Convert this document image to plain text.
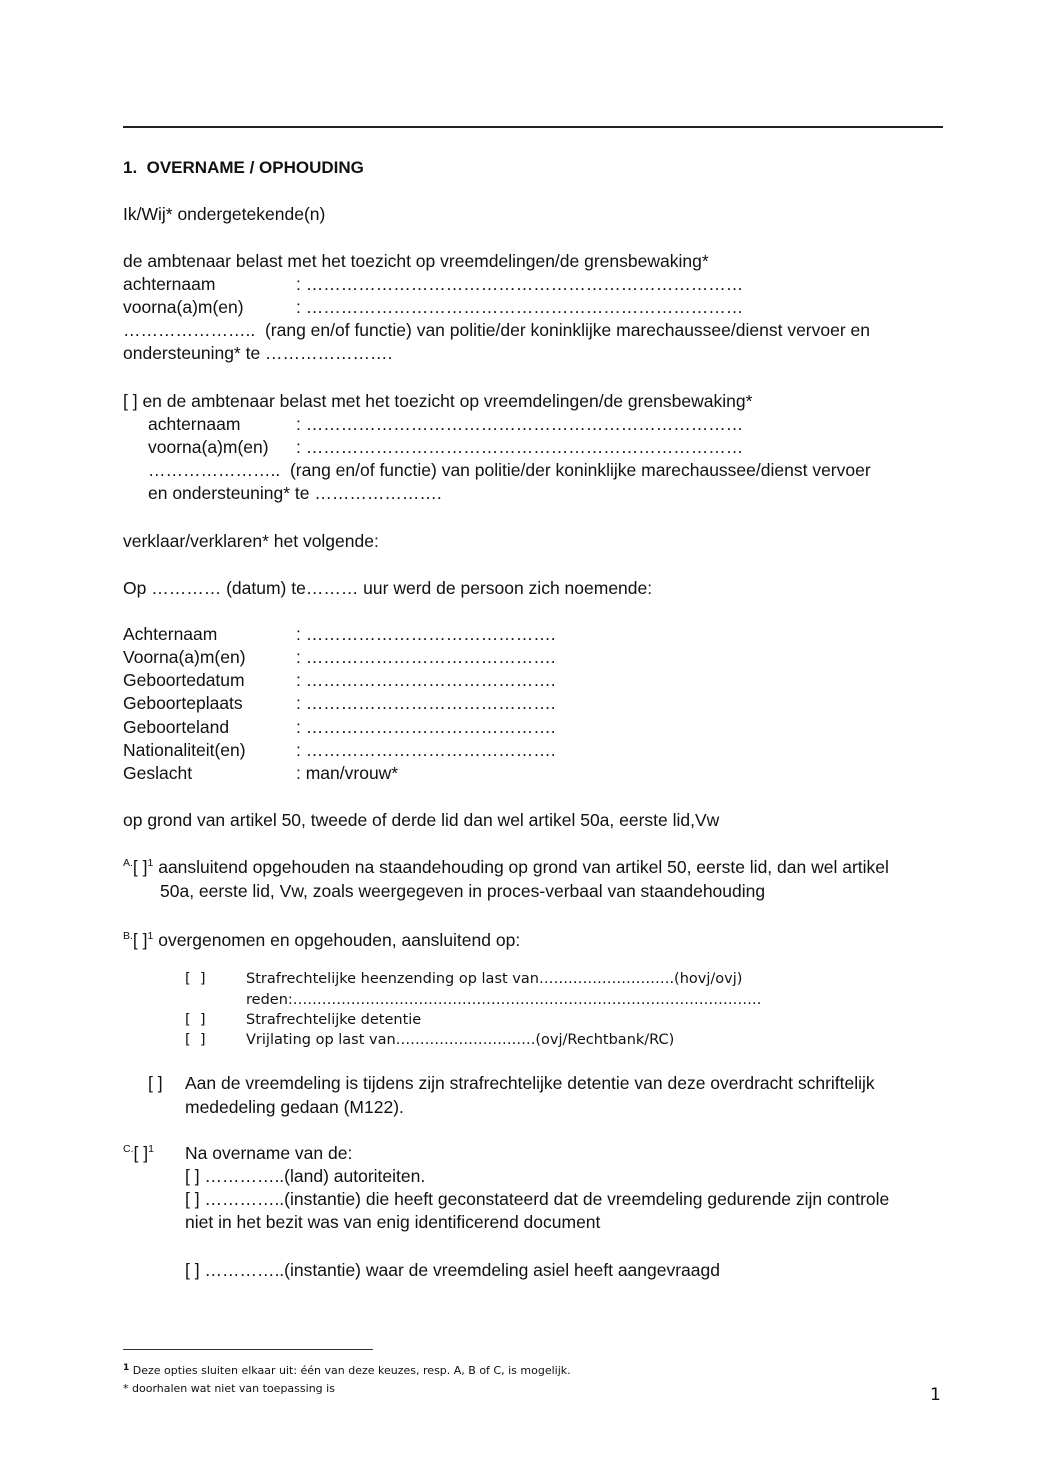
1.  OVERNAME / OPHOUDING
Ik/Wij* ondergetekende(n)
de ambtenaar belast met het toezicht op vreemdelingen/de grensbewaking*
achternaam	: …………………………………………………………………
voorna(a)m(en)	: …………………………………………………………………
…………………..  (rang en/of functie) van politie/der koninklijke marechaussee/dienst vervoer en
ondersteuning* te ………………….
[ ] en de ambtenaar belast met het toezicht op vreemdelingen/de grensbewaking*
achternaam	: …………………………………………………………………
voorna(a)m(en) : …………………………………………………………………
…………………..  (rang en/of functie) van politie/der koninklijke marechaussee/dienst vervoer
en ondersteuning* te ………………….
verklaar/verklaren* het volgende:
Op ………… (datum) te……… uur werd de persoon zich noemende:
Achternaam	: …………………………………….
Voorna(a)m(en)	: …………………………………….
Geboortedatum	: …………………………………….
Geboorteplaats	: …………………………………….
Geboorteland	: …………………………………….
Nationaliteit(en)	: …………………………………….
Geslacht	: man/vrouw*
op grond van artikel 50, tweede of derde lid dan wel artikel 50a, eerste lid,Vw
$^{A.}$[ ]$^1$ aansluitend opgehouden na staandehouding op grond van artikel 50, eerste lid, dan wel artikel
50a, eerste lid, Vw, zoals weergegeven in proces-verbaal van staandehouding
$^{B.}$[ ]$^1$ overgenomen en opgehouden, aansluitend op:
[  ]	Strafrechtelijke heenzending op last van……………………….(hovj/ovj)
reden:…………………………………………………………………………………….
[  ]	Strafrechtelijke detentie
[  ]	Vrijlating op last van…………………….….(ovj/Rechtbank/RC)
[ ] Aan de vreemdeling is tijdens zijn strafrechtelijke detentie van deze overdracht schriftelijk
mededeling gedaan (M122).
$^{C.}$[ ]$^1$ Na overname van de:
[ ] …………..(land) autoriteiten.
[ ] …………..(instantie) die heeft geconstateerd dat de vreemdeling gedurende zijn controle
niet in het bezit was van enig identificerend document
[ ] …………..(instantie) waar de vreemdeling asiel heeft aangevraagd
$^1$ Deze opties sluiten elkaar uit: één van deze keuzes, resp. A, B of C, is mogelijk.
* doorhalen wat niet van toepassing is	1
